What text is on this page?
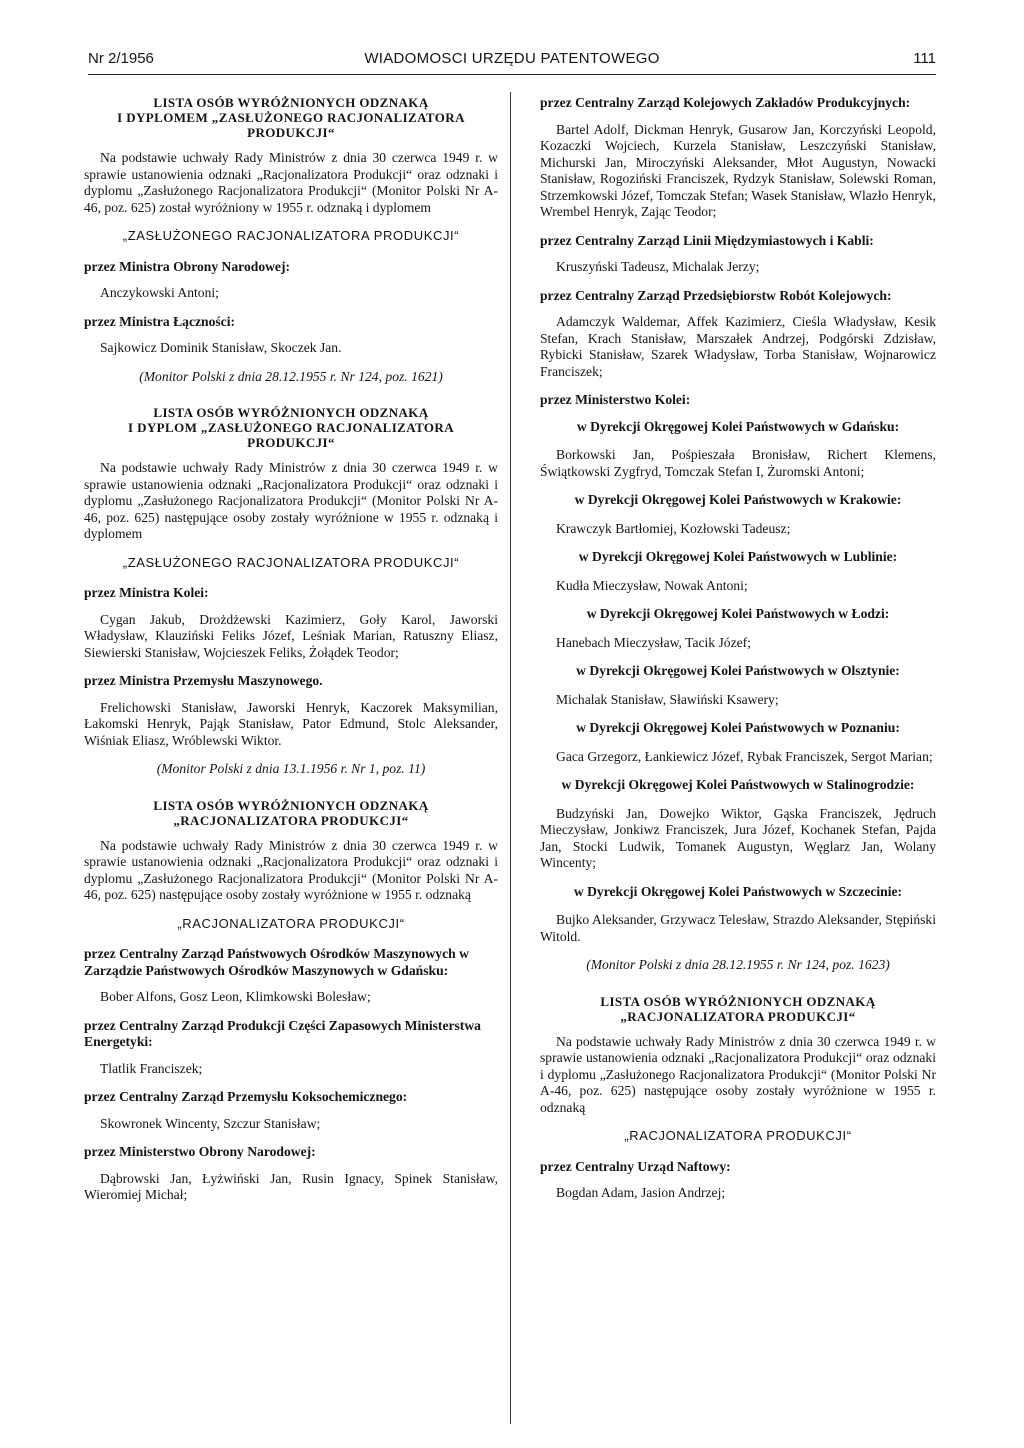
Nr 2/1956	WIADOMOSCI URZĘDU PATENTOWEGO	111
LISTA OSÓB WYRÓŻNIONYCH ODZNAKĄ
I DYPLOMEM „ZASŁUŻONEGO RACJONALIZATORA
PRODUKCJI“

Na podstawie uchwały Rady Ministrów z dnia 30 czerwca 1949 r. w sprawie ustanowienia odznaki „Racjonalizatora Produkcji“ oraz odznaki i dyplomu „Zasłużonego Racjonalizatora Produkcji“ (Monitor Polski Nr A-46, poz. 625) został wyróżniony w 1955 r. odznaką i dyplomem

„ZASŁUŻONEGO RACJONALIZATORA PRODUKCJI“
przez Ministra Obrony Narodowej:
Anczykowski Antoni;
przez Ministra Łączności:
Sajkowicz Dominik Stanisław, Skoczek Jan.
(Monitor Polski z dnia 28.12.1955 r. Nr 124, poz. 1621)
LISTA OSÓB WYRÓŻNIONYCH ODZNAKĄ
I DYPLOM „ZASŁUŻONEGO RACJONALIZATORA
PRODUKCJI“

Na podstawie uchwały Rady Ministrów z dnia 30 czerwca 1949 r. w sprawie ustanowienia odznaki „Racjonalizatora Produkcji“ oraz odznaki i dyplomu „Zasłużonego Racjonalizatora Produkcji“ (Monitor Polski Nr A-46, poz. 625) następujące osoby zostały wyróżnione w 1955 r. odznaką i dyplomem

„ZASŁUŻONEGO RACJONALIZATORA PRODUKCJI“
przez Ministra Kolei:
Cygan Jakub, Drożdżewski Kazimierz, Goły Karol, Jaworski Władysław, Klauziński Feliks Józef, Leśniak Marian, Ratuszny Eliasz, Siewierski Stanisław, Wojcieszek Feliks, Żołądek Teodor;
przez Ministra Przemysłu Maszynowego.
Frelichowski Stanisław, Jaworski Henryk, Kaczorek Maksymilian, Łakomski Henryk, Pająk Stanisław, Pator Edmund, Stolc Aleksander, Wiśniak Eliasz, Wróblewski Wiktor.
(Monitor Polski z dnia 13.1.1956 r. Nr 1, poz. 11)
LISTA OSÓB WYRÓŻNIONYCH ODZNAKĄ
„RACJONALIZATORA PRODUKCJI“

Na podstawie uchwały Rady Ministrów z dnia 30 czerwca 1949 r. w sprawie ustanowienia odznaki „Racjonalizatora Produkcji“ oraz odznaki i dyplomu „Zasłużonego Racjonalizatora Produkcji“ (Monitor Polski Nr A-46, poz. 625) następujące osoby zostały wyróżnione w 1955 r. odznaką

„RACJONALIZATORA PRODUKCJI“
przez Centralny Zarząd Państwowych Ośrodków Maszynowych w Zarządzie Państwowych Ośrodków Maszynowych w Gdańsku:
Bober Alfons, Gosz Leon, Klimkowski Bolesław;
przez Centralny Zarząd Produkcji Części Zapasowych Ministerstwa Energetyki:
Tlatlik Franciszek;
przez Centralny Zarząd Przemysłu Koksochemicznego:
Skowronek Wincenty, Szczur Stanisław;
przez Ministerstwo Obrony Narodowej:
Dąbrowski Jan, Łyżwiński Jan, Rusin Ignacy, Spinek Stanisław, Wieromiej Michał;
przez Centralny Zarząd Kolejowych Zakładów Produkcyjnych:
Bartel Adolf, Dickman Henryk, Gusarow Jan, Korczyński Leopold, Kozaczki Wojciech, Kurzela Stanisław, Leszczyński Stanisław, Michurski Jan, Miroczyński Aleksander, Młot Augustyn, Nowacki Stanisław, Rogoziński Franciszek, Rydzyk Stanisław, Solewski Roman, Strzemkowski Józef, Tomczak Stefan; Wasek Stanisław, Wlazło Henryk, Wrembel Henryk, Zając Teodor;
przez Centralny Zarząd Linii Międzymiastowych i Kabli:
Kruszyński Tadeusz, Michalak Jerzy;
przez Centralny Zarząd Przedsiębiorstw Robót Kolejowych:
Adamczyk Waldemar, Affek Kazimierz, Cieśla Władysław, Kesik Stefan, Krach Stanisław, Marszałek Andrzej, Podgórski Zdzisław, Rybicki Stanisław, Szarek Władysław, Torba Stanisław, Wojnarowicz Franciszek;
przez Ministerstwo Kolei:
w Dyrekcji Okręgowej Kolei Państwowych w Gdańsku:
Borkowski Jan, Pośpieszała Bronisław, Richert Klemens, Świątkowski Zygfryd, Tomczak Stefan I, Żuromski Antoni;
w Dyrekcji Okręgowej Kolei Państwowych w Krakowie:
Krawczyk Bartłomiej, Kozłowski Tadeusz;
w Dyrekcji Okręgowej Kolei Państwowych w Lublinie:
Kudła Mieczysław, Nowak Antoni;
w Dyrekcji Okręgowej Kolei Państwowych w Łodzi:
Hanebach Mieczysław, Tacik Józef;
w Dyrekcji Okręgowej Kolei Państwowych w Olsztynie:
Michalak Stanisław, Sławiński Ksawery;
w Dyrekcji Okręgowej Kolei Państwowych w Poznaniu:
Gaca Grzegorz, Łankiewicz Józef, Rybak Franciszek, Sergot Marian;
w Dyrekcji Okręgowej Kolei Państwowych w Stalinogrodzie:
Budzyński Jan, Dowejko Wiktor, Gąska Franciszek, Jędruch Mieczysław, Jonkiwz Franciszek, Jura Józef, Kochanek Stefan, Pajda Jan, Stocki Ludwik, Tomanek Augustyn, Węglarz Jan, Wolany Wincenty;
w Dyrekcji Okręgowej Kolei Państwowych w Szczecinie:
Bujko Aleksander, Grzywacz Telesław, Strazdo Aleksander, Stępiński Witold.
(Monitor Polski z dnia 28.12.1955 r. Nr 124, poz. 1623)
LISTA OSÓB WYRÓŻNIONYCH ODZNAKĄ
„RACJONALIZATORA PRODUKCJI“

Na podstawie uchwały Rady Ministrów z dnia 30 czerwca 1949 r. w sprawie ustanowienia odznaki „Racjonalizatora Produkcji“ oraz odznaki i dyplomu „Zasłużonego Racjonalizatora Produkcji“ (Monitor Polski Nr A-46, poz. 625) następujące osoby zostały wyróżnione w 1955 r. odznaką

„RACJONALIZATORA PRODUKCJI“
przez Centralny Urząd Naftowy:
Bogdan Adam, Jasion Andrzej;
